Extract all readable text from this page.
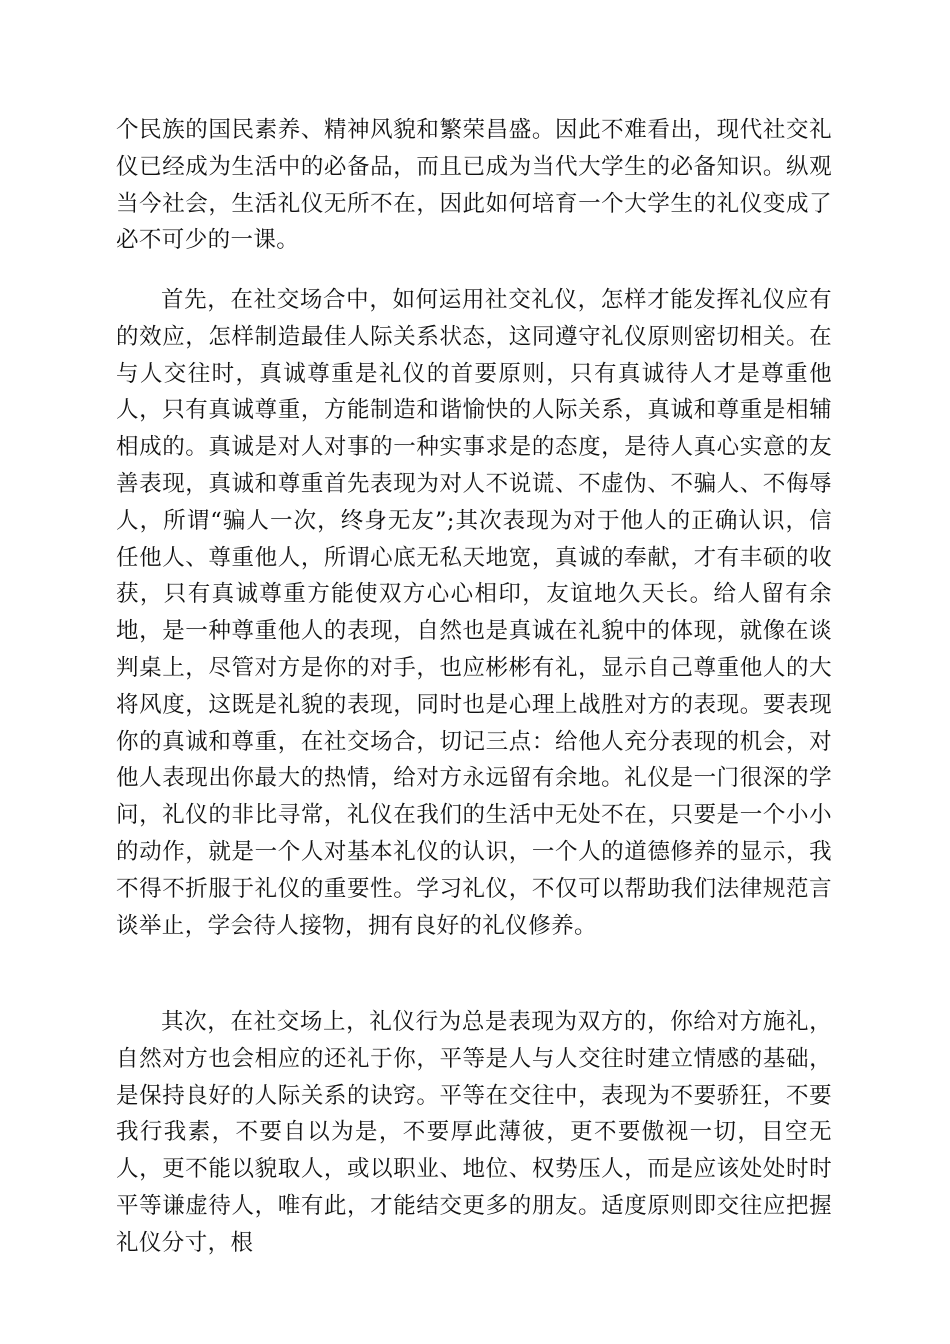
个民族的国民素养、精神风貌和繁荣昌盛。因此不难看出，现代社交礼仪已经成为生活中的必备品，而且已成为当代大学生的必备知识。纵观当今社会，生活礼仪无所不在，因此如何培育一个大学生的礼仪变成了必不可少的一课。

首先，在社交场合中，如何运用社交礼仪，怎样才能发挥礼仪应有的效应，怎样制造最佳人际关系状态，这同遵守礼仪原则密切相关。在与人交往时，真诚尊重是礼仪的首要原则，只有真诚待人才是尊重他人，只有真诚尊重，方能制造和谐愉快的人际关系，真诚和尊重是相辅相成的。真诚是对人对事的一种实事求是的态度，是待人真心实意的友善表现，真诚和尊重首先表现为对人不说谎、不虚伪、不骗人、不侮辱人，所谓“骗人一次，终身无友”;其次表现为对于他人的正确认识，信任他人、尊重他人，所谓心底无私天地宽，真诚的奉献，才有丰硕的收获，只有真诚尊重方能使双方心心相印，友谊地久天长。给人留有余地，是一种尊重他人的表现，自然也是真诚在礼貌中的体现，就像在谈判桌上，尽管对方是你的对手，也应彬彬有礼，显示自己尊重他人的大将风度，这既是礼貌的表现，同时也是心理上战胜对方的表现。要表现你的真诚和尊重，在社交场合，切记三点：给他人充分表现的机会，对他人表现出你最大的热情，给对方永远留有余地。礼仪是一门很深的学问，礼仪的非比寻常，礼仪在我们的生活中无处不在，只要是一个小小的动作，就是一个人对基本礼仪的认识，一个人的道德修养的显示，我不得不折服于礼仪的重要性。学习礼仪，不仅可以帮助我们法律规范言谈举止，学会待人接物，拥有良好的礼仪修养。

其次，在社交场上，礼仪行为总是表现为双方的，你给对方施礼，自然对方也会相应的还礼于你，平等是人与人交往时建立情感的基础，是保持良好的人际关系的诀窍。平等在交往中，表现为不要骄狂，不要我行我素，不要自以为是，不要厚此薄彼，更不要傲视一切，目空无人，更不能以貌取人，或以职业、地位、权势压人，而是应该处处时时平等谦虚待人，唯有此，才能结交更多的朋友。适度原则即交往应把握礼仪分寸，根
